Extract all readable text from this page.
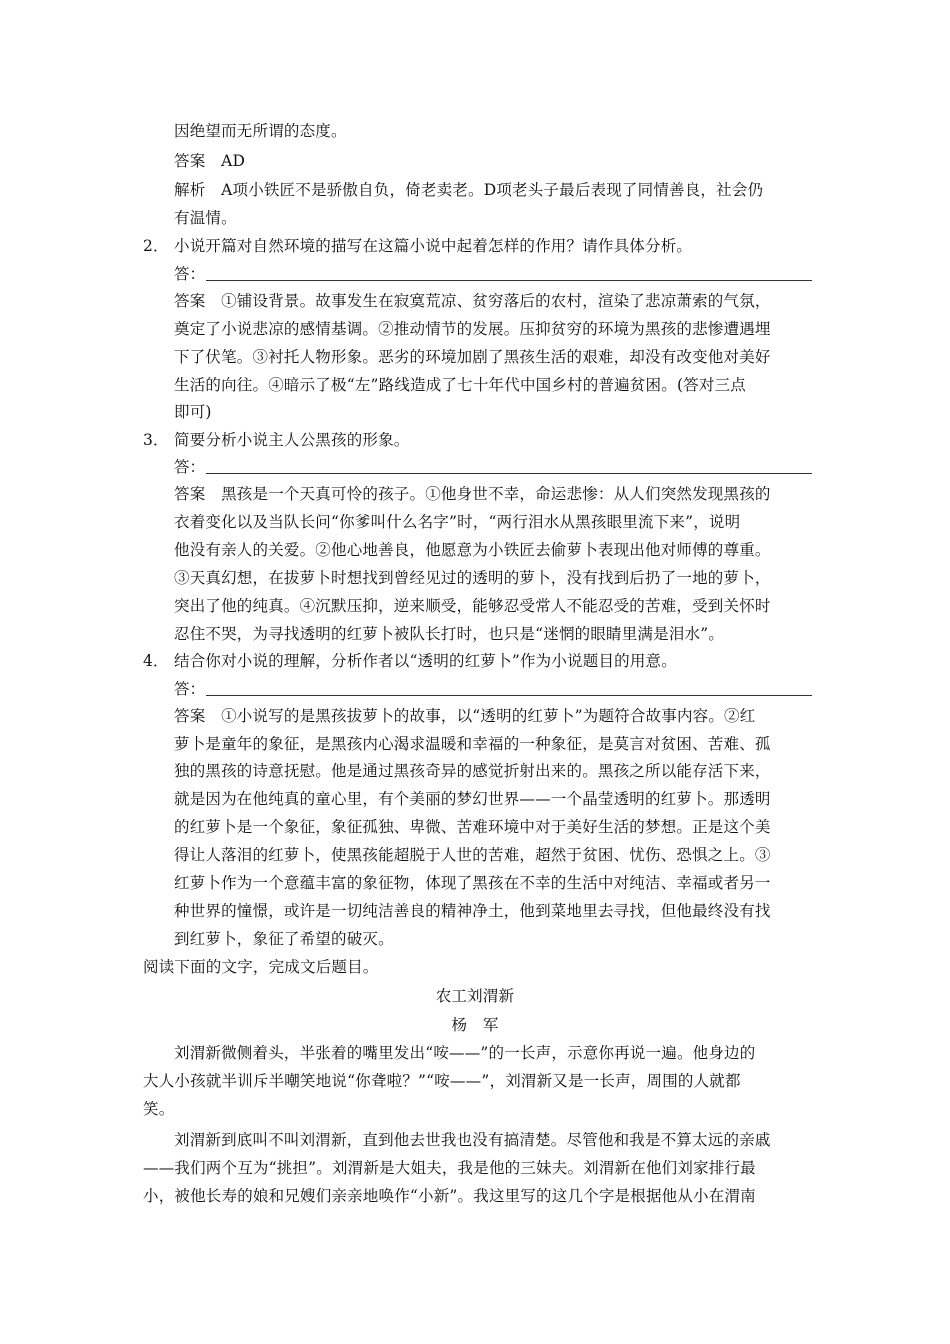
因绝望而无所谓的态度。
答案　AD
解析　A项小铁匠不是骄傲自负，倚老卖老。D项老头子最后表现了同情善良，社会仍
有温情。
2． 小说开篇对自然环境的描写在这篇小说中起着怎样的作用？请作具体分析。
答：
答案　①铺设背景。故事发生在寂寞荒凉、贫穷落后的农村，渲染了悲凉萧索的气氛，
奠定了小说悲凉的感情基调。②推动情节的发展。压抑贫穷的环境为黑孩的悲惨遭遇埋
下了伏笔。③衬托人物形象。恶劣的环境加剧了黑孩生活的艰难，却没有改变他对美好
生活的向往。④暗示了极“左”路线造成了七十年代中国乡村的普遍贫困。(答对三点
即可)
3． 简要分析小说主人公黑孩的形象。
答：
答案　黑孩是一个天真可怜的孩子。①他身世不幸，命运悲惨：从人们突然发现黑孩的
衣着变化以及当队长问“你爹叫什么名字”时，“两行泪水从黑孩眼里流下来”，说明
他没有亲人的关爱。②他心地善良，他愿意为小铁匠去偷萝卜表现出他对师傅的尊重。
③天真幻想，在拔萝卜时想找到曾经见过的透明的萝卜，没有找到后扔了一地的萝卜，
突出了他的纯真。④沉默压抑，逆来顺受，能够忍受常人不能忍受的苦难，受到关怀时
忍住不哭，为寻找透明的红萝卜被队长打时，也只是“迷惘的眼睛里满是泪水”。
4． 结合你对小说的理解，分析作者以“透明的红萝卜”作为小说题目的用意。
答：
答案　①小说写的是黑孩拔萝卜的故事，以“透明的红萝卜”为题符合故事内容。②红
萝卜是童年的象征，是黑孩内心渴求温暖和幸福的一种象征，是莫言对贫困、苦难、孤
独的黑孩的诗意抚慰。他是通过黑孩奇异的感觉折射出来的。黑孩之所以能存活下来，
就是因为在他纯真的童心里，有个美丽的梦幻世界——一个晶莹透明的红萝卜。那透明
的红萝卜是一个象征，象征孤独、卑微、苦难环境中对于美好生活的梦想。正是这个美
得让人落泪的红萝卜，使黑孩能超脱于人世的苦难，超然于贫困、忧伤、恐惧之上。③
红萝卜作为一个意蕴丰富的象征物，体现了黑孩在不幸的生活中对纯洁、幸福或者另一
种世界的憧憬，或许是一切纯洁善良的精神净土，他到菜地里去寻找，但他最终没有找
到红萝卜，象征了希望的破灭。
阅读下面的文字，完成文后题目。
农工刘渭新
杨　军
刘渭新微侧着头，半张着的嘴里发出“咹——”的一长声，示意你再说一遍。他身边的
大人小孩就半训斥半嘲笑地说“你聋啦？”“咹——”，刘渭新又是一长声，周围的人就都
笑。
刘渭新到底叫不叫刘渭新，直到他去世我也没有搞清楚。尽管他和我是不算太远的亲戚
——我们两个互为“挑担”。刘渭新是大姐夫，我是他的三妹夫。刘渭新在他们刘家排行最
小，被他长寿的娘和兄嫂们亲亲地唤作“小新”。我这里写的这几个字是根据他从小在渭南
